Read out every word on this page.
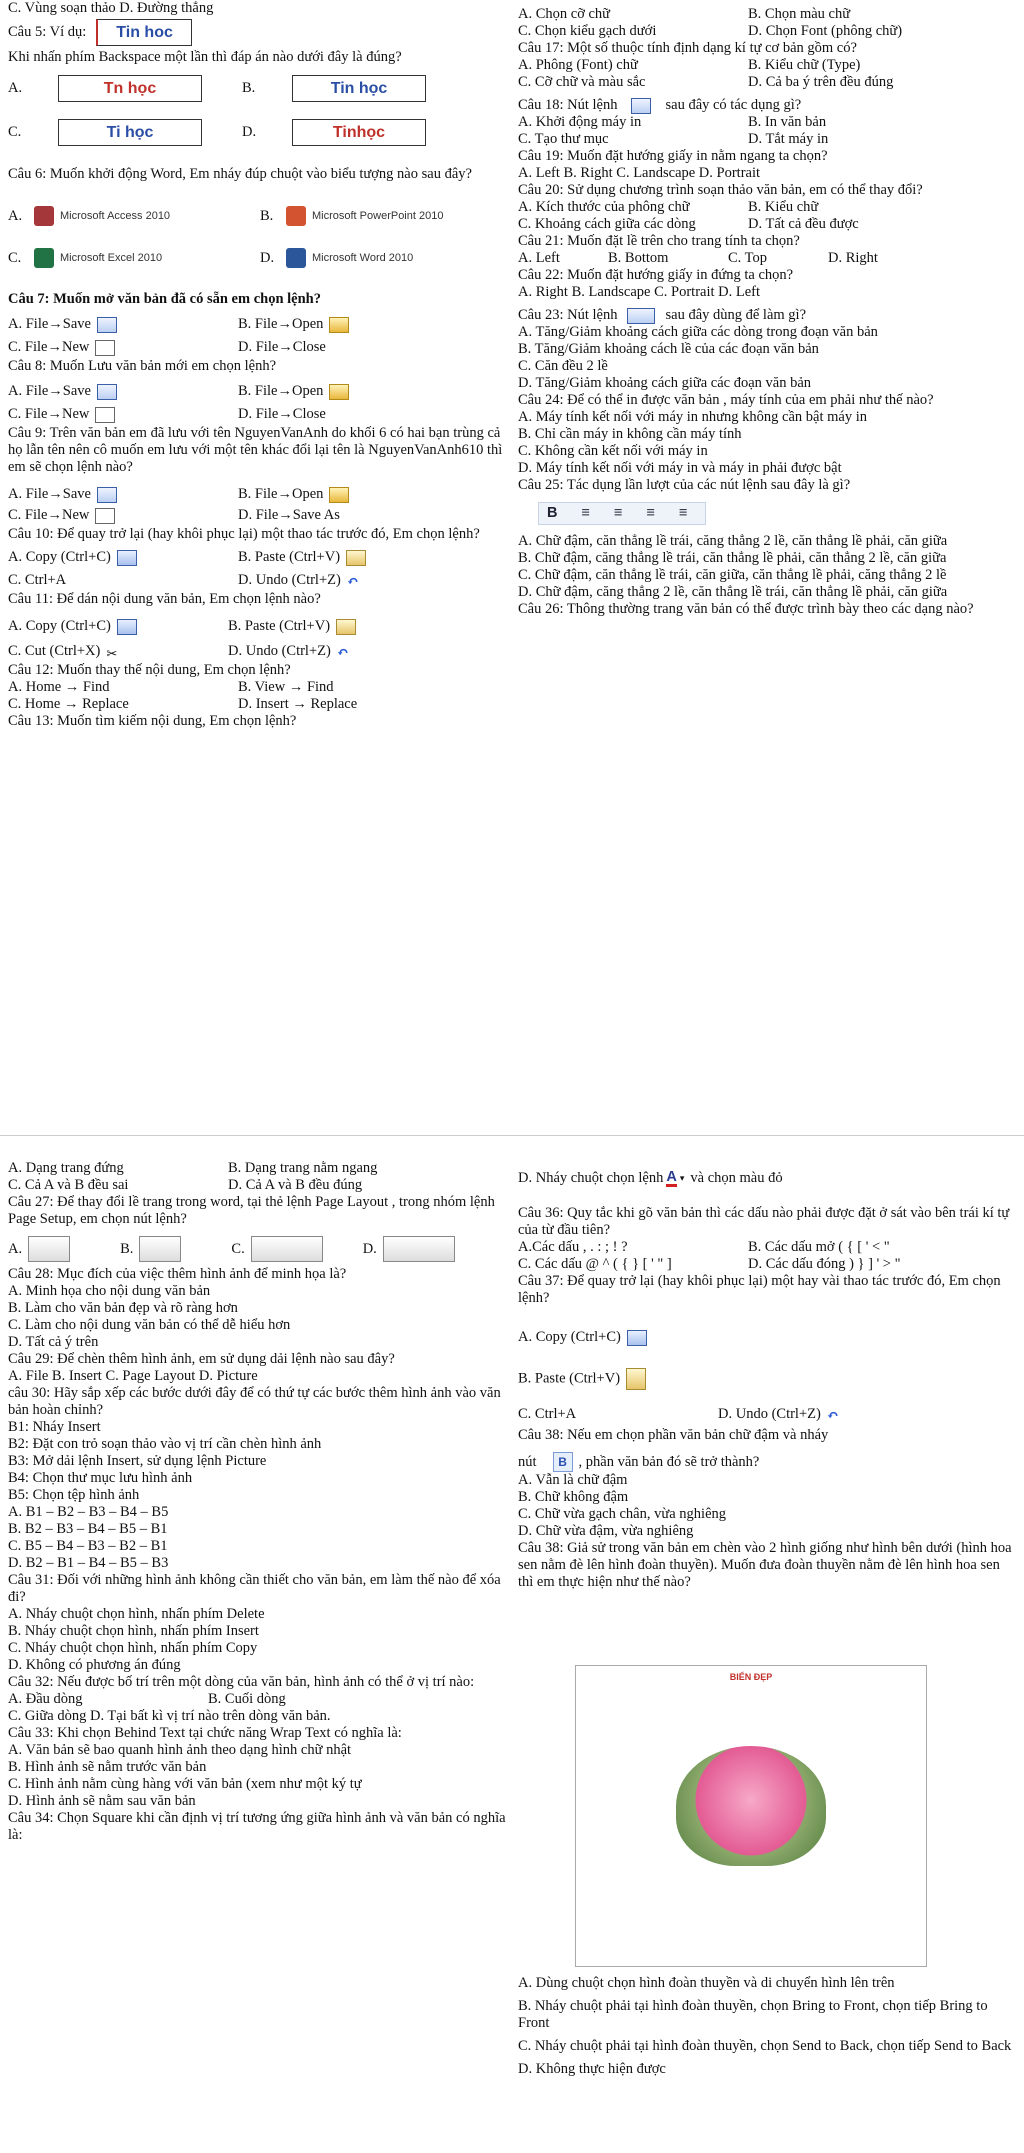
C. Vùng soạn thảo D. Đường thẳng

Câu 5: Ví dụ:	Tin hoc

Khi nhấn phím Backspace một lần thì đáp án nào dưới đây là đúng?

A.	Tn học	B.	Tin học
C.	Ti học	D.	Tinhọc

Câu 6: Muốn khởi động Word, Em nháy đúp chuột vào biểu tượng nào sau đây?

A.	Microsoft Access 2010	B.	Microsoft PowerPoint 2010
C.	Microsoft Excel 2010	D.	Microsoft Word 2010

Câu 7: Muốn mở văn bản đã có sẵn em chọn lệnh?

A. File→Save	B. File→Open
C. File→New	D. File→Close

Câu 8: Muốn Lưu văn bản mới em chọn lệnh?

A. File→Save	B. File→Open
C. File→New	D. File→Close

Câu 9: Trên văn bản em đã lưu với tên NguyenVanAnh do khối 6 có hai bạn trùng cả họ lẫn tên nên cô muốn em lưu với một tên khác đổi lại tên là NguyenVanAnh610 thì em sẽ chọn lệnh nào?

A. File→Save	B. File→Open
C. File→New	D. File→Save As

Câu 10: Để quay trở lại (hay khôi phục lại) một thao tác trước đó, Em chọn lệnh?

A. Copy (Ctrl+C)	B. Paste (Ctrl+V)
C. Ctrl+A	D. Undo (Ctrl+Z) ↶

Câu 11: Để dán nội dung văn bản, Em chọn lệnh nào?

A. Copy (Ctrl+C)	B. Paste (Ctrl+V)
C. Cut (Ctrl+X) ✂	D. Undo (Ctrl+Z) ↶

Câu 12: Muốn thay thế nội dung, Em chọn lệnh?

A. Home → Find	B. View → Find
C. Home → Replace	D. Insert → Replace

Câu 13: Muốn tìm kiếm nội dung, Em chọn lệnh?

A. Chọn cỡ chữ	B. Chọn màu chữ
C. Chọn kiểu gạch dưới	D. Chọn Font (phông chữ)

Câu 17: Một số thuộc tính định dạng kí tự cơ bản gồm có?

A. Phông (Font) chữ	B. Kiểu chữ (Type)
C. Cỡ chữ và màu sắc	D. Cả ba ý trên đều đúng
Câu 18: Nút lệnh	sau đây có tác dụng gì?
A. Khởi động máy in	B. In văn bản
C. Tạo thư mục	D. Tắt máy in

Câu 19: Muốn đặt hướng giấy in nằm ngang ta chọn?

A. Left B. Right C. Landscape D. Portrait

Câu 20: Sử dụng chương trình soạn thảo văn bản, em có thể thay đổi?

A. Kích thước của phông chữ	B. Kiểu chữ
C. Khoảng cách giữa các dòng	D. Tất cả đều được

Câu 21: Muốn đặt lề trên cho trang tính ta chọn?

A. Left	B. Bottom	C. Top	D. Right

Câu 22: Muốn đặt hướng giấy in đứng ta chọn?

A. Right B. Landscape C. Portrait D. Left

Câu 23: Nút lệnh	sau đây dùng để làm gì?

A. Tăng/Giảm khoảng cách giữa các dòng trong đoạn văn bản

B. Tăng/Giảm khoảng cách lề của các đoạn văn bản

C. Căn đều 2 lề

D. Tăng/Giảm khoảng cách giữa các đoạn văn bản

Câu 24: Để có thể in được văn bản , máy tính của em phải như thế nào?

A. Máy tính kết nối với máy in nhưng không cần bật máy in

B. Chỉ cần máy in không cần máy tính

C. Không cần kết nối với máy in

D. Máy tính kết nối với máy in và máy in phải được bật

Câu 25: Tác dụng lần lượt của các nút lệnh sau đây là gì?

B ≡ ≡ ≡ ≡

A. Chữ đậm, căn thẳng lề trái, căng thẳng 2 lề, căn thẳng lề phải, căn giữa

B. Chữ đậm, căng thẳng lề trái, căn thẳng lề phải, căn thẳng 2 lề, căn giữa

C. Chữ đậm, căn thẳng lề trái, căn giữa, căn thẳng lề phải, căng thẳng 2 lề

D. Chữ đậm, căng thẳng 2 lề, căn thẳng lề trái, căn thẳng lề phải, căn giữa

Câu 26: Thông thường trang văn bản có thể được trình bày theo các dạng nào?

A. Dạng trang đứng	B. Dạng trang nằm ngang
C. Cả A và B đều sai	D. Cả A và B đều đúng

Câu 27: Để thay đổi lề trang trong word, tại thẻ lệnh Page Layout , trong nhóm lệnh Page Setup, em chọn nút lệnh?

A.	B.	C.	D.

Câu 28: Mục đích của việc thêm hình ảnh để minh họa là?

A. Minh họa cho nội dung văn bản

B. Làm cho văn bản đẹp và rõ ràng hơn

C. Làm cho nội dung văn bản có thể dễ hiểu hơn

D. Tất cả ý trên

Câu 29: Để chèn thêm hình ảnh, em sử dụng dải lệnh nào sau đây?

A. File B. Insert C. Page Layout D. Picture

câu 30: Hãy sắp xếp các bước dưới đây để có thứ tự các bước thêm hình ảnh vào văn bản hoàn chỉnh?

B1: Nháy Insert

B2: Đặt con trỏ soạn thảo vào vị trí cần chèn hình ảnh

B3: Mở dải lệnh Insert, sử dụng lệnh Picture

B4: Chọn thư mục lưu hình ảnh

B5: Chọn tệp hình ảnh

A. B1 – B2 – B3 – B4 – B5

B. B2 – B3 – B4 – B5 – B1

C. B5 – B4 – B3 – B2 – B1

D. B2 – B1 – B4 – B5 – B3

Câu 31: Đối với những hình ảnh không cần thiết cho văn bản, em làm thế nào để xóa đi?

A. Nháy chuột chọn hình, nhấn phím Delete

B. Nháy chuột chọn hình, nhấn phím Insert

C. Nháy chuột chọn hình, nhấn phím Copy

D. Không có phương án đúng

Câu 32: Nếu được bố trí trên một dòng của văn bản, hình ảnh có thể ở vị trí nào:

A. Đầu dòng	B. Cuối dòng

C. Giữa dòng D. Tại bất kì vị trí nào trên dòng văn bản.

Câu 33: Khi chọn Behind Text tại chức năng Wrap Text có nghĩa là:

A. Văn bản sẽ bao quanh hình ảnh theo dạng hình chữ nhật

B. Hình ảnh sẽ nằm trước văn bản

C. Hình ảnh nằm cùng hàng với văn bản (xem như một ký tự

D. Hình ảnh sẽ nằm sau văn bản

Câu 34: Chọn Square khi cần định vị trí tương ứng giữa hình ảnh và văn bản có nghĩa là:

D. Nháy chuột chọn lệnh A ▾ và chọn màu đỏ

Câu 36: Quy tắc khi gõ văn bản thì các dấu nào phải được đặt ở sát vào bên trái kí tự của từ đầu tiên?

A.Các dấu , . : ; ! ?	B. Các dấu mở ( { [ ' < "
C. Các dấu @ ^ ( { } [ ' " ]	D. Các dấu đóng ) } ] ' > "

Câu 37: Để quay trở lại (hay khôi phục lại) một hay vài thao tác trước đó, Em chọn lệnh?

A. Copy (Ctrl+C)

B. Paste (Ctrl+V)

C. Ctrl+A	D. Undo (Ctrl+Z) ↶

Câu 38: Nếu em chọn phần văn bản chữ đậm và nháy

nút	B , phần văn bản đó sẽ trở thành?

A. Vẫn là chữ đậm

B. Chữ không đậm

C. Chữ vừa gạch chân, vừa nghiêng

D. Chữ vừa đậm, vừa nghiêng

Câu 38: Giả sử trong văn bản em chèn vào 2 hình giống như hình bên dưới (hình hoa sen nằm đè lên hình đoàn thuyền). Muốn đưa đoàn thuyền nằm đè lên hình hoa sen thì em thực hiện như thế nào?

BIỂN ĐẸP

A. Dùng chuột chọn hình đoàn thuyền và di chuyển hình lên trên

B. Nháy chuột phải tại hình đoàn thuyền, chọn Bring to Front, chọn tiếp Bring to Front

C. Nháy chuột phải tại hình đoàn thuyền, chọn Send to Back, chọn tiếp Send to Back

D. Không thực hiện được
